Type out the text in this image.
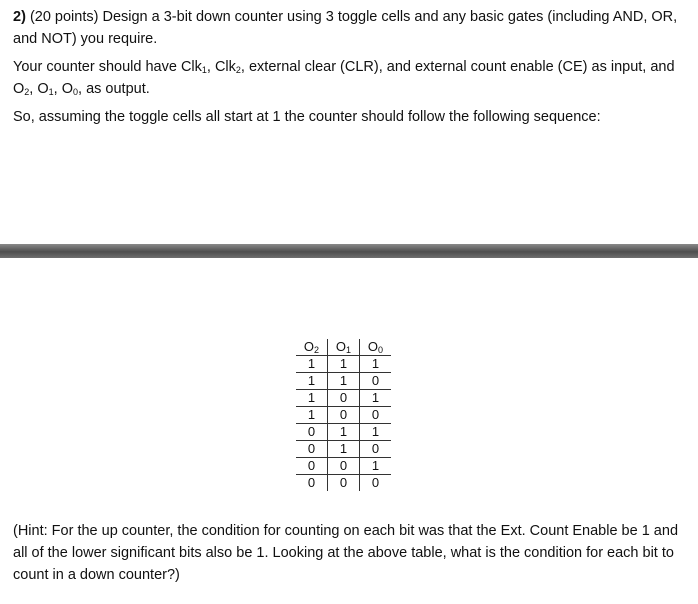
2) (20 points) Design a 3-bit down counter using 3 toggle cells and any basic gates (including AND, OR, and NOT) you require.

Your counter should have Clk$_1$, Clk$_2$, external clear (CLR), and external count enable (CE) as input, and $O_2$, $O_1$, $O_0$, as output.

So, assuming the toggle cells all start at 1 the counter should follow the following sequence:

$O_2$	$O_1$	$O_0$
1	1	1
1	1	0
1	0	1
1	0	0
0	1	1
0	1	0
0	0	1
0	0	0

(Hint: For the up counter, the condition for counting on each bit was that the Ext. Count Enable be 1 and all of the lower significant bits also be 1. Looking at the above table, what is the condition for each bit to count in a down counter?)
